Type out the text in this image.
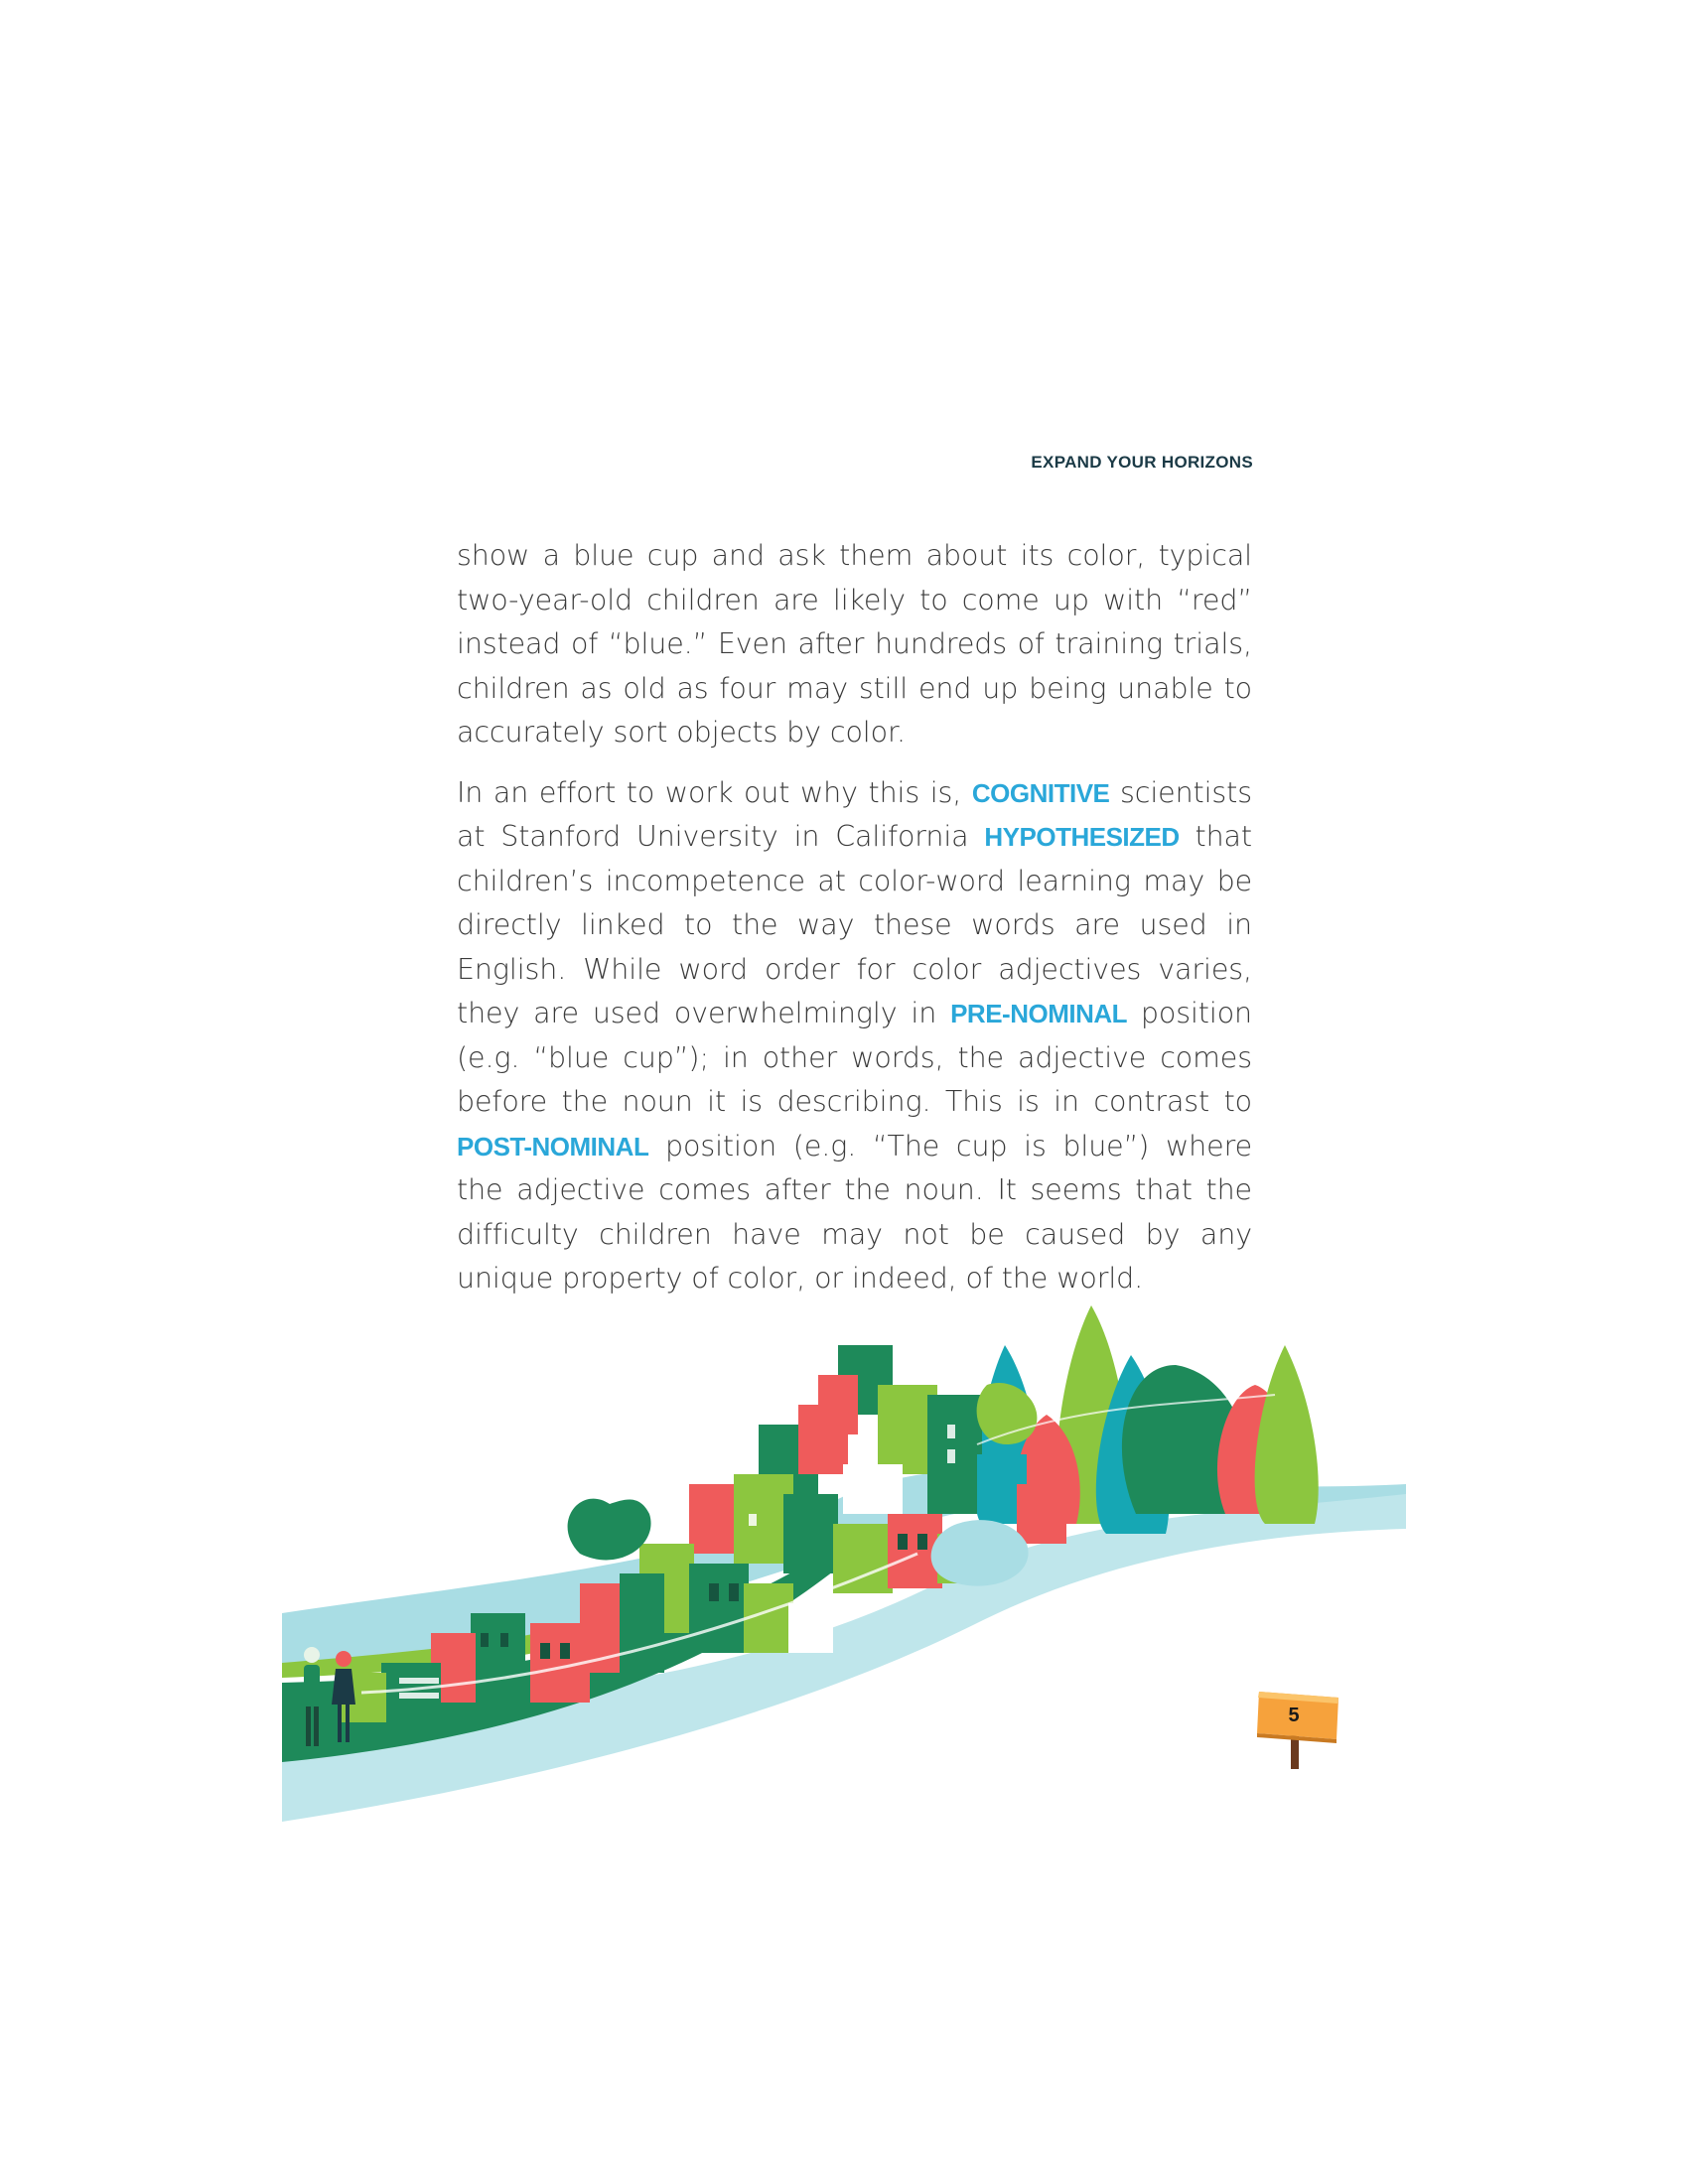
EXPAND YOUR HORIZONS

show a blue cup and ask them about its color, typical two-year-old children are likely to come up with “red” instead of “blue.” Even after hundreds of training trials, children as old as four may still end up being unable to accurately sort objects by color.

In an effort to work out why this is, COGNITIVE scientists at Stanford University in California HYPOTHESIZED that children’s incompetence at color-word learning may be directly linked to the way these words are used in English. While word order for color adjectives varies, they are used overwhelmingly in PRE-NOMINAL position (e.g. “blue cup”); in other words, the adjective comes before the noun it is describing. This is in contrast to POST-NOMINAL position (e.g. “The cup is blue”) where the adjective comes after the noun. It seems that the difficulty children have may not be caused by any unique property of color, or indeed, of the world.

5
